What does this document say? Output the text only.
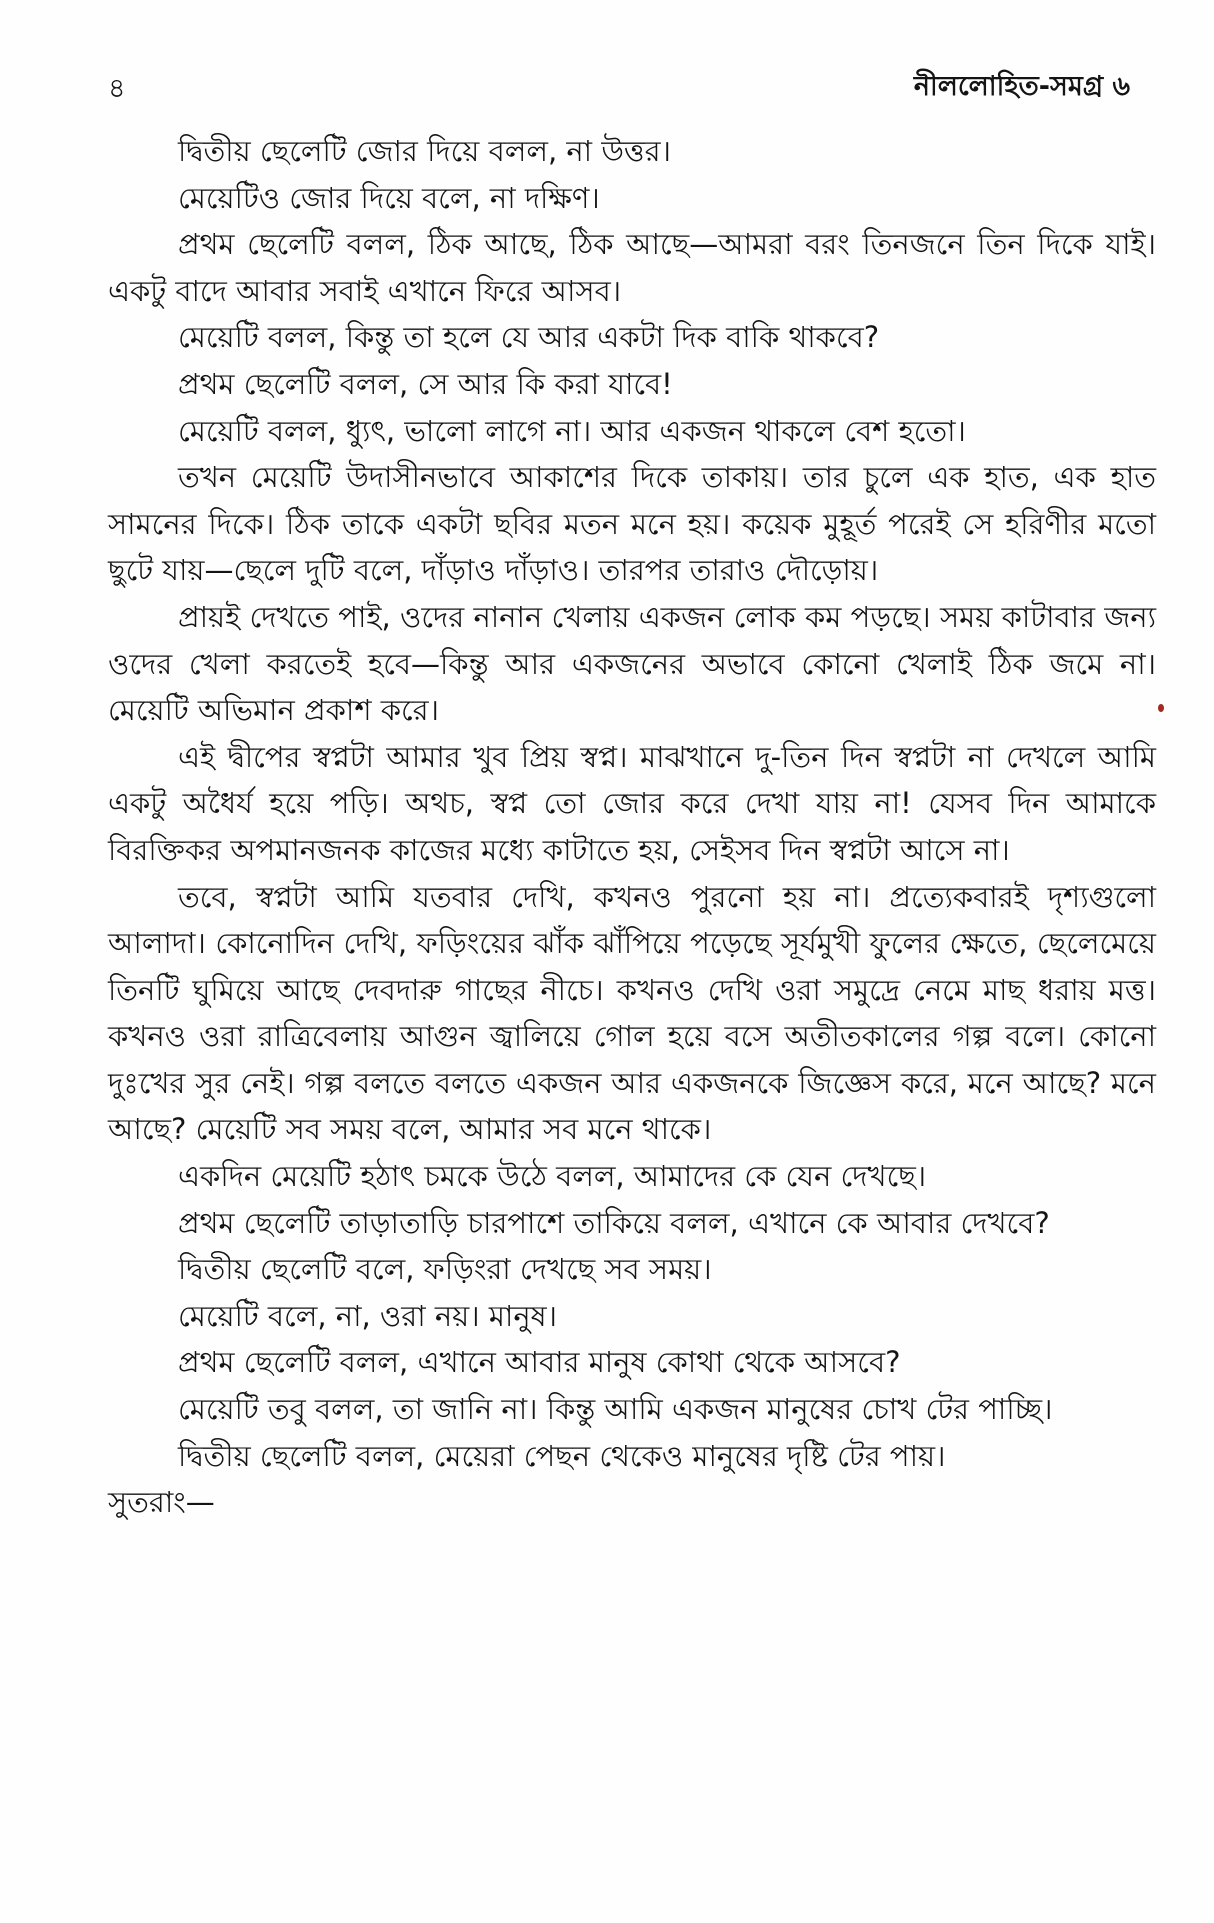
৪	নীললোহিত-সমগ্র ৬

দ্বিতীয় ছেলেটি জোর দিয়ে বলল, না উত্তর।

মেয়েটিও জোর দিয়ে বলে, না দক্ষিণ।

প্রথম ছেলেটি বলল, ঠিক আছে, ঠিক আছে—আমরা বরং তিনজনে তিন দিকে যাই। একটু বাদে আবার সবাই এখানে ফিরে আসব।

মেয়েটি বলল, কিন্তু তা হলে যে আর একটা দিক বাকি থাকবে?

প্রথম ছেলেটি বলল, সে আর কি করা যাবে!

মেয়েটি বলল, ধ্যুৎ, ভালো লাগে না। আর একজন থাকলে বেশ হতো।

তখন মেয়েটি উদাসীনভাবে আকাশের দিকে তাকায়। তার চুলে এক হাত, এক হাত সামনের দিকে। ঠিক তাকে একটা ছবির মতন মনে হয়। কয়েক মুহূর্ত পরেই সে হরিণীর মতো ছুটে যায়—ছেলে দুটি বলে, দাঁড়াও দাঁড়াও। তারপর তারাও দৌড়োয়।

প্রায়ই দেখতে পাই, ওদের নানান খেলায় একজন লোক কম পড়ছে। সময় কাটাবার জন্য ওদের খেলা করতেই হবে—কিন্তু আর একজনের অভাবে কোনো খেলাই ঠিক জমে না। মেয়েটি অভিমান প্রকাশ করে।

এই দ্বীপের স্বপ্নটা আমার খুব প্রিয় স্বপ্ন। মাঝখানে দু-তিন দিন স্বপ্নটা না দেখলে আমি একটু অধৈর্য হয়ে পড়ি। অথচ, স্বপ্ন তো জোর করে দেখা যায় না! যেসব দিন আমাকে বিরক্তিকর অপমানজনক কাজের মধ্যে কাটাতে হয়, সেইসব দিন স্বপ্নটা আসে না।

তবে, স্বপ্নটা আমি যতবার দেখি, কখনও পুরনো হয় না। প্রত্যেকবারই দৃশ্যগুলো আলাদা। কোনোদিন দেখি, ফড়িংয়ের ঝাঁক ঝাঁপিয়ে পড়েছে সূর্যমুখী ফুলের ক্ষেতে, ছেলেমেয়ে তিনটি ঘুমিয়ে আছে দেবদারু গাছের নীচে। কখনও দেখি ওরা সমুদ্রে নেমে মাছ ধরায় মত্ত। কখনও ওরা রাত্রিবেলায় আগুন জ্বালিয়ে গোল হয়ে বসে অতীতকালের গল্প বলে। কোনো দুঃখের সুর নেই। গল্প বলতে বলতে একজন আর একজনকে জিজ্ঞেস করে, মনে আছে? মনে আছে? মেয়েটি সব সময় বলে, আমার সব মনে থাকে।

একদিন মেয়েটি হঠাৎ চমকে উঠে বলল, আমাদের কে যেন দেখছে।

প্রথম ছেলেটি তাড়াতাড়ি চারপাশে তাকিয়ে বলল, এখানে কে আবার দেখবে?

দ্বিতীয় ছেলেটি বলে, ফড়িংরা দেখছে সব সময়।

মেয়েটি বলে, না, ওরা নয়। মানুষ।

প্রথম ছেলেটি বলল, এখানে আবার মানুষ কোথা থেকে আসবে?

মেয়েটি তবু বলল, তা জানি না। কিন্তু আমি একজন মানুষের চোখ টের পাচ্ছি।

দ্বিতীয় ছেলেটি বলল, মেয়েরা পেছন থেকেও মানুষের দৃষ্টি টের পায়।

সুতরাং—
